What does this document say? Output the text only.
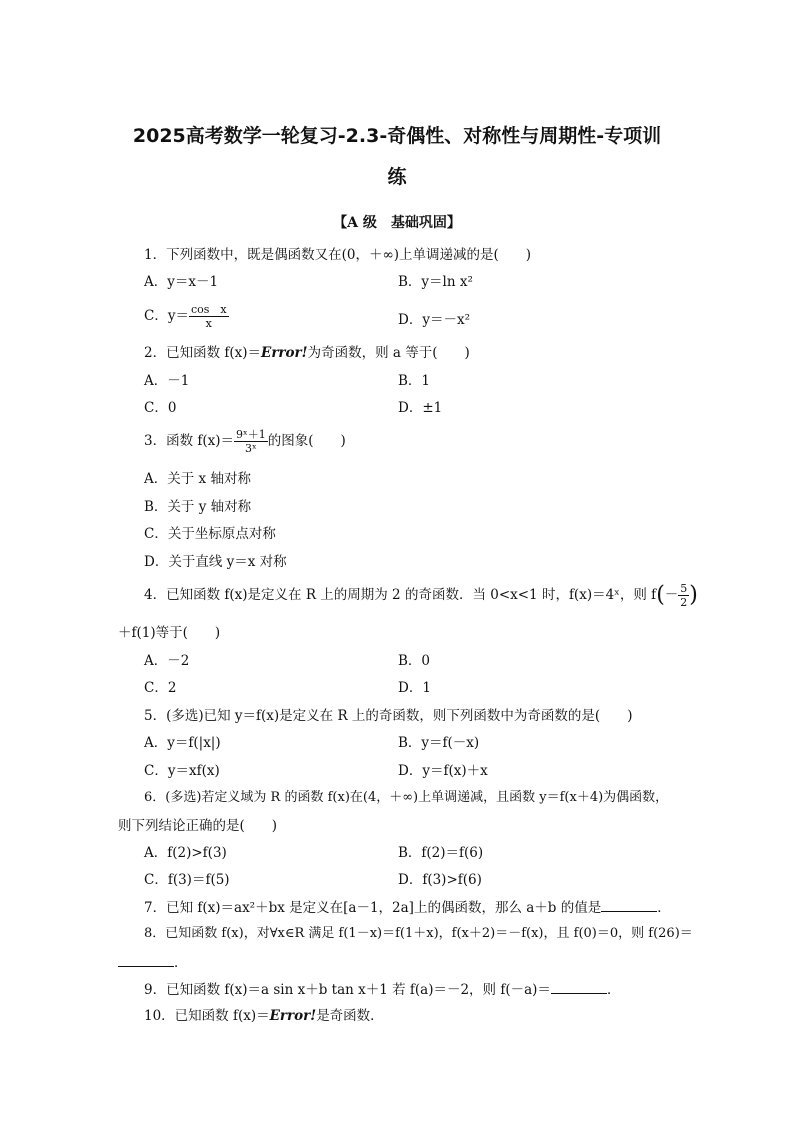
2025高考数学一轮复习-2.3-奇偶性、对称性与周期性-专项训
练
【A 级　基础巩固】
1．下列函数中，既是偶函数又在(0，＋∞)上单调递减的是(　　)
A．y＝x－1	B．y＝ln x²
C．$y= \frac{\text{cos　x}}{x}$	D．y＝－x²
2．已知函数 f(x)＝Error!为奇函数，则 a 等于(　　)
A．－1	B．1
C．0	D．±1
3．函数 $f(x)= \frac{\text{9ˣ＋1}}{\text{3ˣ}}$ 的图象(　　)
A．关于 x 轴对称
B．关于 y 轴对称
C．关于坐标原点对称
D．关于直线 y＝x 对称
4．已知函数 f(x)是定义在 R 上的周期为 2 的奇函数．当 0<x<1 时，f(x)＝4ˣ，则 $f(- \frac{5}{2}$ )
＋f(1)等于(　　)
A．－2	B．0
C．2	D．1
5．(多选)已知 y＝f(x)是定义在 R 上的奇函数，则下列函数中为奇函数的是(　　)
A．y＝f(|x|)	B．y＝f(－x)
C．y＝xf(x)	D．y＝f(x)＋x
6．(多选)若定义域为 R 的函数 f(x)在(4，＋∞)上单调递减，且函数 y＝f(x＋4)为偶函数，
则下列结论正确的是(　　)
A．f(2)>f(3)	B．f(2)＝f(6)
C．f(3)＝f(5)	D．f(3)>f(6)
7．已知 f(x)＝ax²＋bx 是定义在[a－1，2a]上的偶函数，那么 a＋b 的值是	．
8．已知函数 f(x)，对∀x∈R 满足 f(1－x)＝f(1＋x)，f(x＋2)＝－f(x)，且 f(0)＝0，则 f(26)＝
．
9．已知函数 f(x)＝a sin x＋b tan x＋1 若 f(a)＝－2，则 f(－a)＝	．
10．已知函数 f(x)＝Error!是奇函数．
